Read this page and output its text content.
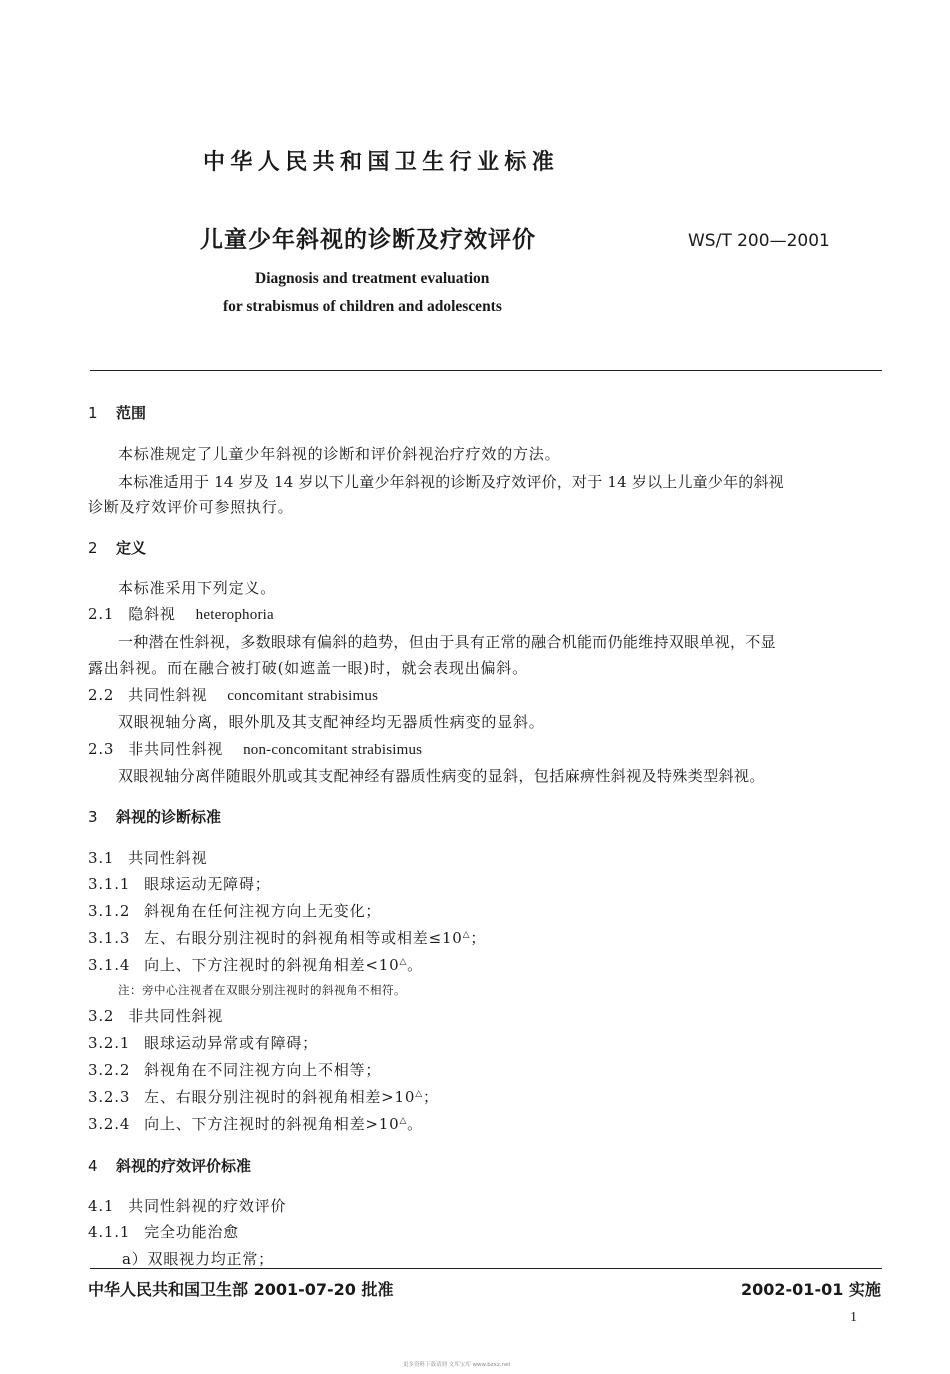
中华人民共和国卫生行业标准
儿童少年斜视的诊断及疗效评价	WS/T 200—2001
Diagnosis and treatment evaluation
for strabismus of children and adolescents
1 范围
本标准规定了儿童少年斜视的诊断和评价斜视治疗疗效的方法。
本标准适用于 14 岁及 14 岁以下儿童少年斜视的诊断及疗效评价，对于 14 岁以上儿童少年的斜视
诊断及疗效评价可参照执行。
2 定义
本标准采用下列定义。
2.1 隐斜视 heterophoria
一种潜在性斜视，多数眼球有偏斜的趋势，但由于具有正常的融合机能而仍能维持双眼单视，不显
露出斜视。而在融合被打破(如遮盖一眼)时，就会表现出偏斜。
2.2 共同性斜视 concomitant strabisimus
双眼视轴分离，眼外肌及其支配神经均无器质性病变的显斜。
2.3 非共同性斜视 non-concomitant strabisimus
双眼视轴分离伴随眼外肌或其支配神经有器质性病变的显斜，包括麻痹性斜视及特殊类型斜视。
3 斜视的诊断标准
3.1 共同性斜视
3.1.1 眼球运动无障碍；
3.1.2 斜视角在任何注视方向上无变化；
3.1.3 左、右眼分别注视时的斜视角相等或相差≤10△；
3.1.4 向上、下方注视时的斜视角相差<10△。
注：旁中心注视者在双眼分别注视时的斜视角不相符。
3.2 非共同性斜视
3.2.1 眼球运动异常或有障碍；
3.2.2 斜视角在不同注视方向上不相等；
3.2.3 左、右眼分别注视时的斜视角相差>10△；
3.2.4 向上、下方注视时的斜视角相差>10△。
4 斜视的疗效评价标准
4.1 共同性斜视的疗效评价
4.1.1 完全功能治愈
a）双眼视力均正常；
中华人民共和国卫生部 2001-07-20 批准	2002-01-01 实施
1
更多资料下载请到 文库宝库 www.bzxz.net
